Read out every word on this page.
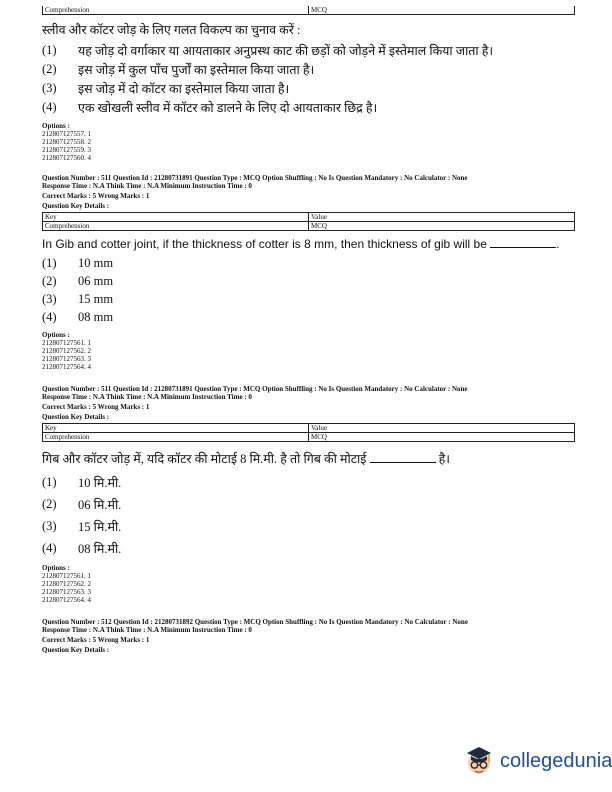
Comprehension	MCQ
स्लीव और कॉटर जोड़ के लिए गलत विकल्प का चुनाव करें :
(1)	यह जोड़ दो वर्गाकार या आयताकार अनुप्रस्थ काट की छड़ों को जोड़ने में इस्तेमाल किया जाता है।
(2)	इस जोड़ में कुल पाँच पुर्जों का इस्तेमाल किया जाता है।
(3)	इस जोड़ में दो कॉटर का इस्तेमाल किया जाता है।
(4)	एक खोखली स्लीव में कॉटर को डालने के लिए दो आयताकार छिद्र है।
Options :
212807127557. 1
212807127558. 2
212807127559. 3
212807127560. 4
Question Number : 511 Question Id : 21280731891 Question Type : MCQ Option Shuffling : No Is Question Mandatory : No Calculator : None
Response Time : N.A Think Time : N.A Minimum Instruction Time : 0
Correct Marks : 5 Wrong Marks : 1
Question Key Details :
Key	Value
Comprehension	MCQ
In Gib and cotter joint, if the thickness of cotter is 8 mm, then thickness of gib will be	.
(1)	10 mm
(2)	06 mm
(3)	15 mm
(4)	08 mm
Options :
212807127561. 1
212807127562. 2
212807127563. 3
212807127564. 4
Question Number : 511 Question Id : 21280731891 Question Type : MCQ Option Shuffling : No Is Question Mandatory : No Calculator : None
Response Time : N.A Think Time : N.A Minimum Instruction Time : 0
Correct Marks : 5 Wrong Marks : 1
Question Key Details :
Key	Value
Comprehension	MCQ
गिब और कॉटर जोड़ में, यदि कॉटर की मोटाई 8 मि.मी. है तो गिब की मोटाई	है।
(1)	10 मि.मी.
(2)	06 मि.मी.
(3)	15 मि.मी.
(4)	08 मि.मी.
Options :
212807127561. 1
212807127562. 2
212807127563. 3
212807127564. 4
Question Number : 512 Question Id : 21280731892 Question Type : MCQ Option Shuffling : No Is Question Mandatory : No Calculator : None
Response Time : N.A Think Time : N.A Minimum Instruction Time : 0
Correct Marks : 5 Wrong Marks : 1
Question Key Details :
collegedunia
